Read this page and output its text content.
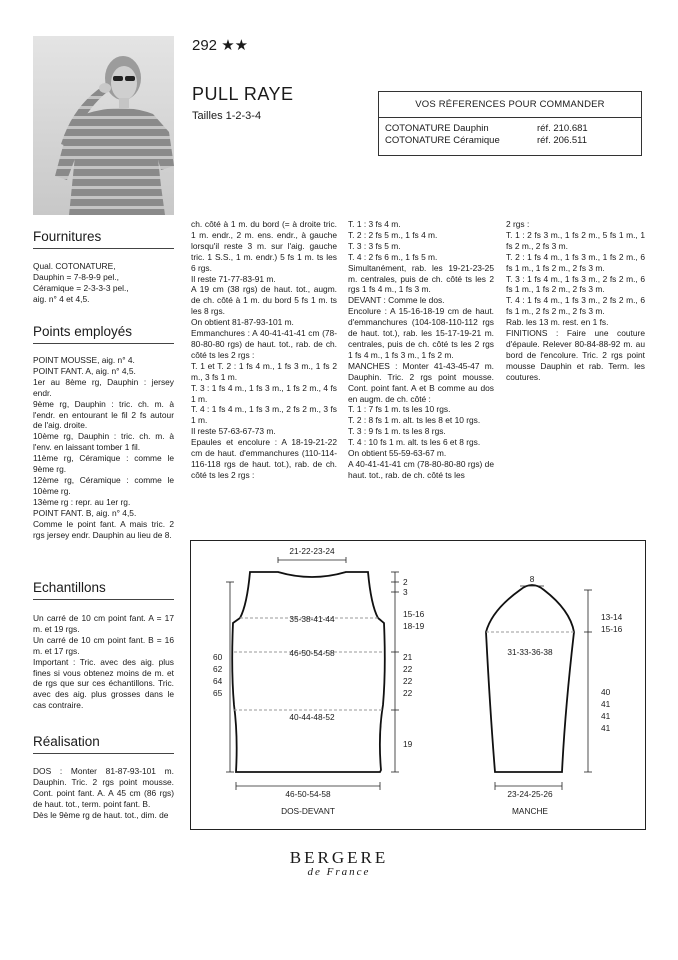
292 ★★
PULL RAYE
Tailles 1-2-3-4
VOS RÉFERENCES POUR COMMANDER
COTONATURE Dauphin	réf. 210.681
COTONATURE Céramique	réf. 206.511
Fournitures

Qual. COTONATURE,

Dauphin = 7-8-9-9 pel.,

Céramique = 2-3-3-3 pel.,

aig. n° 4 et 4,5.

Points employés

POINT MOUSSE, aig. n° 4.

POINT FANT. A, aig. n° 4,5.

1er au 8ème rg, Dauphin : jersey endr.

9ème rg, Dauphin : tric. ch. m. à l'endr. en entourant le fil 2 fs autour de l'aig. droite.

10ème rg, Dauphin : tric. ch. m. à l'env. en laissant tomber 1 fil.

11ème rg, Céramique : comme le 9ème rg.

12ème rg, Céramique : comme le 10ème rg.

13ème rg : repr. au 1er rg.

POINT FANT. B, aig. n° 4,5.

Comme le point fant. A mais tric. 2 rgs jersey endr. Dauphin au lieu de 8.

Echantillons

Un carré de 10 cm point fant. A = 17 m. et 19 rgs.

Un carré de 10 cm point fant. B = 16 m. et 17 rgs.

Important : Tric. avec des aig. plus fines si vous obtenez moins de m. et de rgs que sur ces échantillons. Tric. avec des aig. plus grosses dans le cas contraire.

Réalisation

DOS : Monter 81-87-93-101 m. Dauphin. Tric. 2 rgs point mousse. Cont. point fant. A. A 45 cm (86 rgs) de haut. tot., term. point fant. B.

Dès le 9ème rg de haut. tot., dim. de

ch. côté à 1 m. du bord (= à droite tric. 1 m. endr., 2 m. ens. endr., à gauche lorsqu'il reste 3 m. sur l'aig. gauche tric. 1 S.S., 1 m. endr.) 5 fs 1 m. ts les 6 rgs.

Il reste 71-77-83-91 m.

A 19 cm (38 rgs) de haut. tot., augm. de ch. côté à 1 m. du bord 5 fs 1 m. ts les 8 rgs.

On obtient 81-87-93-101 m.

Emmanchures : A 40-41-41-41 cm (78-80-80-80 rgs) de haut. tot., rab. de ch. côté ts les 2 rgs :

T. 1 et T. 2 : 1 fs 4 m., 1 fs 3 m., 1 fs 2 m., 3 fs 1 m.

T. 3 : 1 fs 4 m., 1 fs 3 m., 1 fs 2 m., 4 fs 1 m.

T. 4 : 1 fs 4 m., 1 fs 3 m., 2 fs 2 m., 3 fs 1 m.

Il reste 57-63-67-73 m.

Epaules et encolure : A 18-19-21-22 cm de haut. d'emmanchures (110-114-116-118 rgs de haut. tot.), rab. de ch. côté ts les 2 rgs :

T. 1 : 3 fs 4 m.

T. 2 : 2 fs 5 m., 1 fs 4 m.

T. 3 : 3 fs 5 m.

T. 4 : 2 fs 6 m., 1 fs 5 m.

Simultanément, rab. les 19-21-23-25 m. centrales, puis de ch. côté ts les 2 rgs 1 fs 4 m., 1 fs 3 m.

DEVANT : Comme le dos.

Encolure : A 15-16-18-19 cm de haut. d'emmanchures (104-108-110-112 rgs de haut. tot.), rab. les 15-17-19-21 m. centrales, puis de ch. côté ts les 2 rgs 1 fs 4 m., 1 fs 3 m., 1 fs 2 m.

MANCHES : Monter 41-43-45-47 m. Dauphin. Tric. 2 rgs point mousse. Cont. point fant. A et B comme au dos en augm. de ch. côté :

T. 1 : 7 fs 1 m. ts les 10 rgs.

T. 2 : 8 fs 1 m. alt. ts les 8 et 10 rgs.

T. 3 : 9 fs 1 m. ts les 8 rgs.

T. 4 : 10 fs 1 m. alt. ts les 6 et 8 rgs.

On obtient 55-59-63-67 m.

A 40-41-41-41 cm (78-80-80-80 rgs) de haut. tot., rab. de ch. côté ts les

2 rgs :

T. 1 : 2 fs 3 m., 1 fs 2 m., 5 fs 1 m., 1 fs 2 m., 2 fs 3 m.

T. 2 : 1 fs 4 m., 1 fs 3 m., 1 fs 2 m., 6 fs 1 m., 1 fs 2 m., 2 fs 3 m.

T. 3 : 1 fs 4 m., 1 fs 3 m., 2 fs 2 m., 6 fs 1 m., 1 fs 2 m., 2 fs 3 m.

T. 4 : 1 fs 4 m., 1 fs 3 m., 2 fs 2 m., 6 fs 1 m., 2 fs 2 m., 2 fs 3 m.

Rab. les 13 m. rest. en 1 fs.

FINITIONS : Faire une couture d'épaule. Relever 80-84-88-92 m. au bord de l'encolure. Tric. 2 rgs point mousse Dauphin et rab. Term. les coutures.

21-22-23-24
2
3
35-38-41-44	15-16
18-19
46-50-54-58
40-44-48-52
21
22
22
22
19
60
62
64
65
46-50-54-58
DOS-DEVANT
8
13-14
15-16
31-33-36-38
40
41
41
41
23-24-25-26
MANCHE
BERGERE
de France
